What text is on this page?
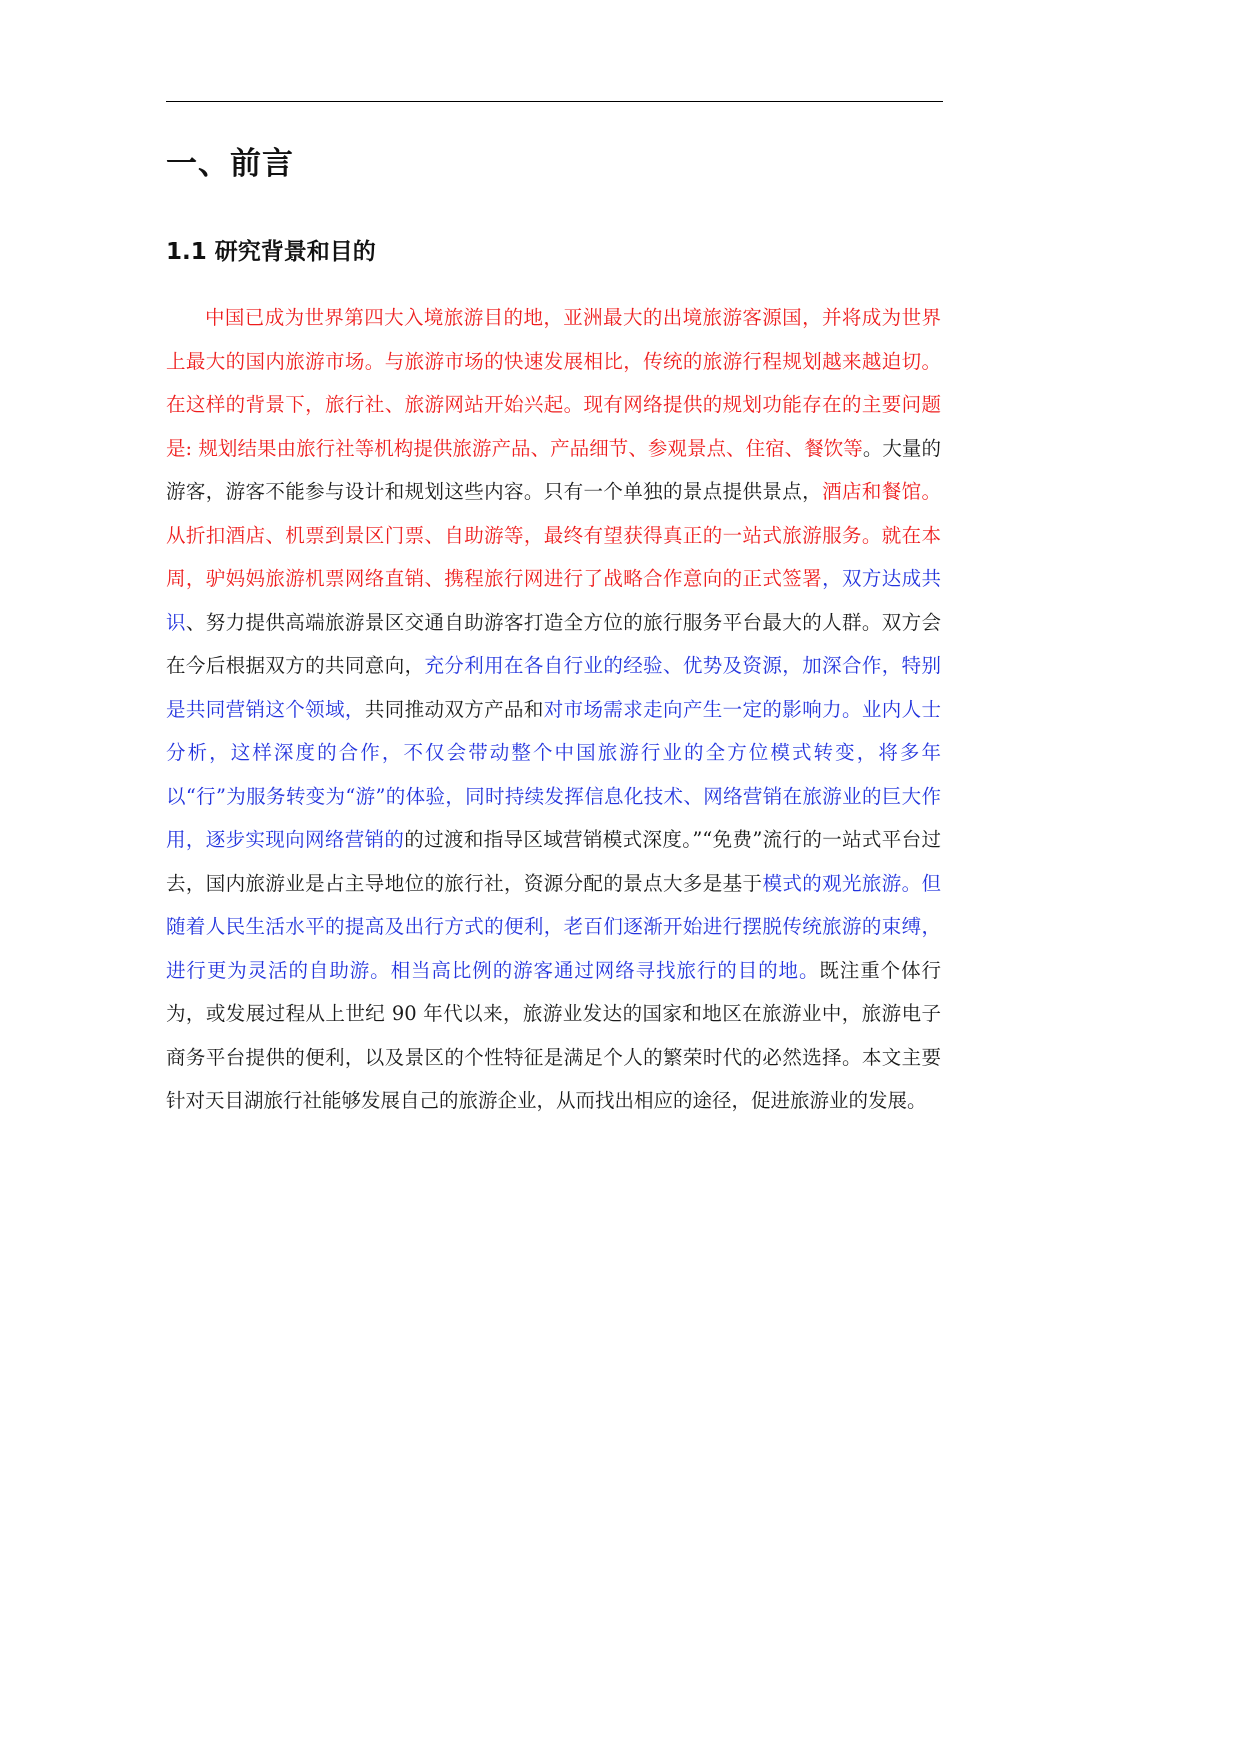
一、前言
1.1 研究背景和目的

中国已成为世界第四大入境旅游目的地，亚洲最大的出境旅游客源国，并将成为世界上最大的国内旅游市场。与旅游市场的快速发展相比，传统的旅游行程规划越来越迫切。在这样的背景下，旅行社、旅游网站开始兴起。现有网络提供的规划功能存在的主要问题是: 规划结果由旅行社等机构提供旅游产品、产品细节、参观景点、住宿、餐饮等。大量的游客，游客不能参与设计和规划这些内容。只有一个单独的景点提供景点，酒店和餐馆。从折扣酒店、机票到景区门票、自助游等，最终有望获得真正的一站式旅游服务。就在本周，驴妈妈旅游机票网络直销、携程旅行网进行了战略合作意向的正式签署，双方达成共识、努力提供高端旅游景区交通自助游客打造全方位的旅行服务平台最大的人群。双方会在今后根据双方的共同意向，充分利用在各自行业的经验、优势及资源，加深合作，特别是共同营销这个领域，共同推动双方产品和对市场需求走向产生一定的影响力。业内人士分析，这样深度的合作，不仅会带动整个中国旅游行业的全方位模式转变，将多年以“行”为服务转变为“游”的体验，同时持续发挥信息化技术、网络营销在旅游业的巨大作用，逐步实现向网络营销的的过渡和指导区域营销模式深度。”“免费”流行的一站式平台过去，国内旅游业是占主导地位的旅行社，资源分配的景点大多是基于模式的观光旅游。但随着人民生活水平的提高及出行方式的便利，老百们逐渐开始进行摆脱传统旅游的束缚，进行更为灵活的自助游。相当高比例的游客通过网络寻找旅行的目的地。既注重个体行为，或发展过程从上世纪 90 年代以来，旅游业发达的国家和地区在旅游业中，旅游电子商务平台提供的便利，以及景区的个性特征是满足个人的繁荣时代的必然选择。本文主要针对天目湖旅行社能够发展自己的旅游企业，从而找出相应的途径，促进旅游业的发展。
